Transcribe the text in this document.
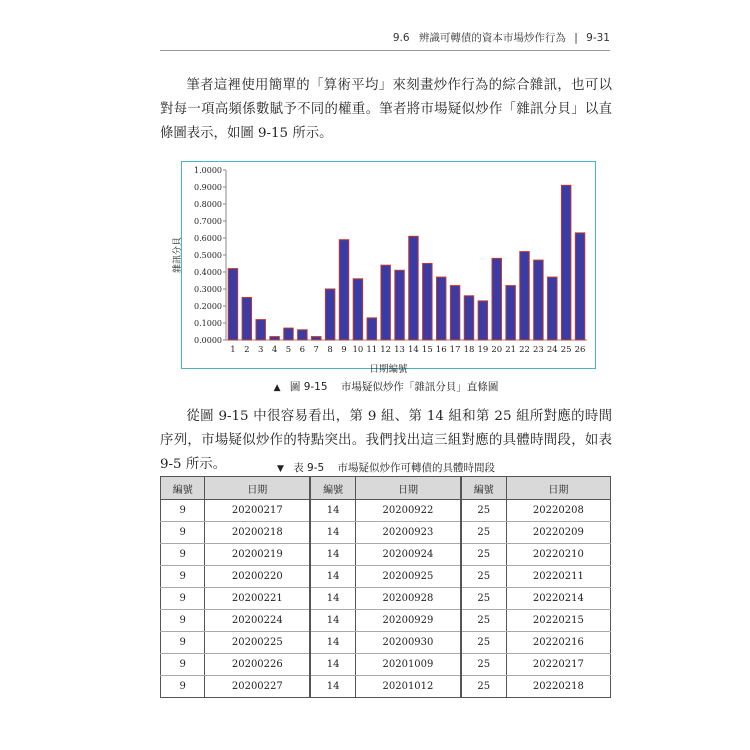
9.6 辨識可轉債的資本市場炒作行為 | 9-31

筆者這裡使用簡單的「算術平均」來刻畫炒作行為的綜合雜訊，也可以對每一項高頻係數賦予不同的權重。筆者將市場疑似炒作「雜訊分貝」以直條圖表示，如圖 9-15 所示。

0.0000
0.1000
0.2000
0.3000
0.4000
0.5000
0.6000
0.7000
0.8000
0.9000
1.0000
1 2 3 4 5 6 7 8 9 10 11 12 13 14 15 16 17 18 19 20 21 22 23 24 25 26
雜訊分貝
日期編號
▲ 圖 9-15 市場疑似炒作「雜訊分貝」直條圖

從圖 9-15 中很容易看出，第 9 組、第 14 組和第 25 組所對應的時間序列，市場疑似炒作的特點突出。我們找出這三組對應的具體時間段，如表 9-5 所示。	▼ 表 9-5 市場疑似炒作可轉債的具體時間段
編號	日期	編號	日期	編號	日期
9	20200217	14	20200922	25	20220208
9	20200218	14	20200923	25	20220209
9	20200219	14	20200924	25	20220210
9	20200220	14	20200925	25	20220211
9	20200221	14	20200928	25	20220214
9	20200224	14	20200929	25	20220215
9	20200225	14	20200930	25	20220216
9	20200226	14	20201009	25	20220217
9	20200227	14	20201012	25	20220218
